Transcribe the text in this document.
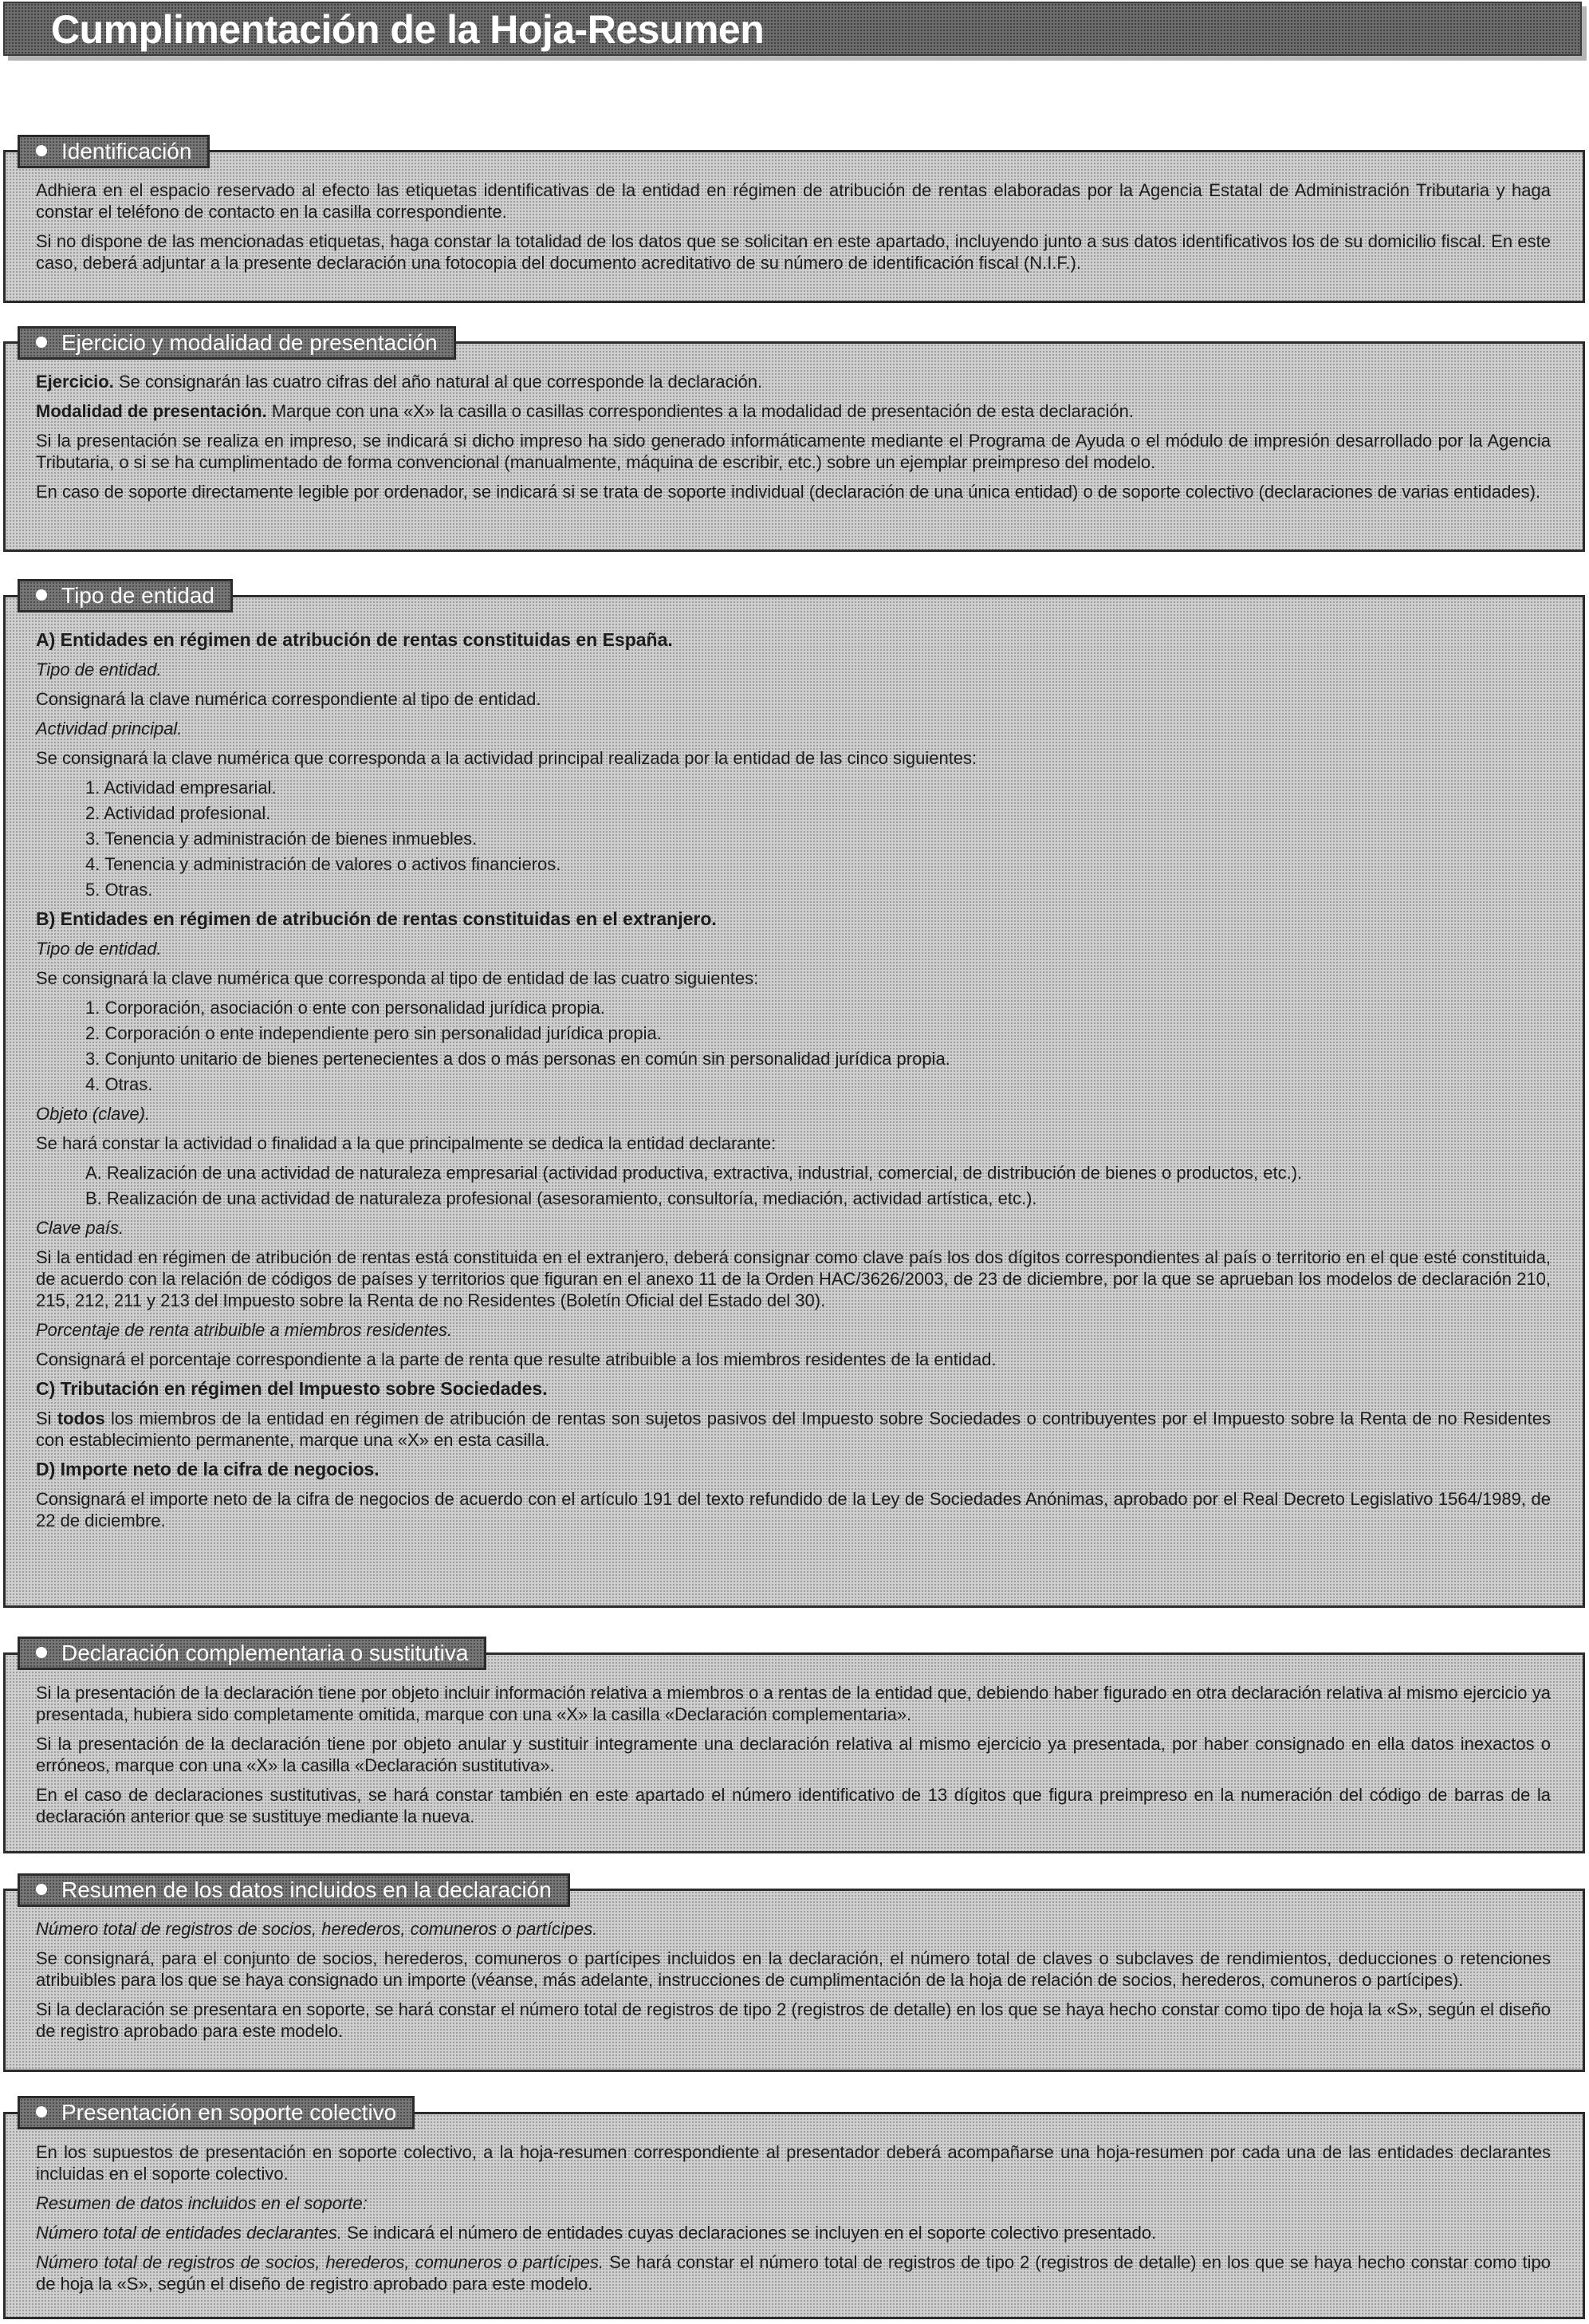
Cumplimentación de la Hoja-Resumen

Adhiera en el espacio reservado al efecto las etiquetas identificativas de la entidad en régimen de atribución de rentas elaboradas por la Agencia Estatal de Administración Tributaria y haga constar el teléfono de contacto en la casilla correspondiente.

Si no dispone de las mencionadas etiquetas, haga constar la totalidad de los datos que se solicitan en este apartado, incluyendo junto a sus datos identificativos los de su domicilio fiscal. En este caso, deberá adjuntar a la presente declaración una fotocopia del documento acreditativo de su número de identificación fiscal (N.I.F.).

Identificación

Ejercicio. Se consignarán las cuatro cifras del año natural al que corresponde la declaración.

Modalidad de presentación. Marque con una «X» la casilla o casillas correspondientes a la modalidad de presentación de esta declaración.

Si la presentación se realiza en impreso, se indicará si dicho impreso ha sido generado informáticamente mediante el Programa de Ayuda o el módulo de impresión desarrollado por la Agencia Tributaria, o si se ha cumplimentado de forma convencional (manualmente, máquina de escribir, etc.) sobre un ejemplar preimpreso del modelo.

En caso de soporte directamente legible por ordenador, se indicará si se trata de soporte individual (declaración de una única entidad) o de soporte colectivo (declaraciones de varias entidades).

Ejercicio y modalidad de presentación
A) Entidades en régimen de atribución de rentas constituidas en España.

Tipo de entidad.

Consignará la clave numérica correspondiente al tipo de entidad.

Actividad principal.

Se consignará la clave numérica que corresponda a la actividad principal realizada por la entidad de las cinco siguientes:

1. Actividad empresarial.
2. Actividad profesional.
3. Tenencia y administración de bienes inmuebles.
4. Tenencia y administración de valores o activos financieros.
5. Otras.
B) Entidades en régimen de atribución de rentas constituidas en el extranjero.

Tipo de entidad.

Se consignará la clave numérica que corresponda al tipo de entidad de las cuatro siguientes:

1. Corporación, asociación o ente con personalidad jurídica propia.
2. Corporación o ente independiente pero sin personalidad jurídica propia.
3. Conjunto unitario de bienes pertenecientes a dos o más personas en común sin personalidad jurídica propia.
4. Otras.

Objeto (clave).

Se hará constar la actividad o finalidad a la que principalmente se dedica la entidad declarante:

A. Realización de una actividad de naturaleza empresarial (actividad productiva, extractiva, industrial, comercial, de distribución de bienes o productos, etc.).
B. Realización de una actividad de naturaleza profesional (asesoramiento, consultoría, mediación, actividad artística, etc.).

Clave país.

Si la entidad en régimen de atribución de rentas está constituida en el extranjero, deberá consignar como clave país los dos dígitos correspondientes al país o territorio en el que esté constituida, de acuerdo con la relación de códigos de países y territorios que figuran en el anexo 11 de la Orden HAC/3626/2003, de 23 de diciembre, por la que se aprueban los modelos de declaración 210, 215, 212, 211 y 213 del Impuesto sobre la Renta de no Residentes (Boletín Oficial del Estado del 30).

Porcentaje de renta atribuible a miembros residentes.

Consignará el porcentaje correspondiente a la parte de renta que resulte atribuible a los miembros residentes de la entidad.

C) Tributación en régimen del Impuesto sobre Sociedades.

Si todos los miembros de la entidad en régimen de atribución de rentas son sujetos pasivos del Impuesto sobre Sociedades o contribuyentes por el Impuesto sobre la Renta de no Residentes con establecimiento permanente, marque una «X» en esta casilla.

D) Importe neto de la cifra de negocios.

Consignará el importe neto de la cifra de negocios de acuerdo con el artículo 191 del texto refundido de la Ley de Sociedades Anónimas, aprobado por el Real Decreto Legislativo 1564/1989, de 22 de diciembre.

Tipo de entidad

Si la presentación de la declaración tiene por objeto incluir información relativa a miembros o a rentas de la entidad que, debiendo haber figurado en otra declaración relativa al mismo ejercicio ya presentada, hubiera sido completamente omitida, marque con una «X» la casilla «Declaración complementaria».

Si la presentación de la declaración tiene por objeto anular y sustituir integramente una declaración relativa al mismo ejercicio ya presentada, por haber consignado en ella datos inexactos o erróneos, marque con una «X» la casilla «Declaración sustitutiva».

En el caso de declaraciones sustitutivas, se hará constar también en este apartado el número identificativo de 13 dígitos que figura preimpreso en la numeración del código de barras de la declaración anterior que se sustituye mediante la nueva.

Declaración complementaria o sustitutiva

Número total de registros de socios, herederos, comuneros o partícipes.

Se consignará, para el conjunto de socios, herederos, comuneros o partícipes incluidos en la declaración, el número total de claves o subclaves de rendimientos, deducciones o retenciones atribuibles para los que se haya consignado un importe (véanse, más adelante, instrucciones de cumplimentación de la hoja de relación de socios, herederos, comuneros o partícipes).

Si la declaración se presentara en soporte, se hará constar el número total de registros de tipo 2 (registros de detalle) en los que se haya hecho constar como tipo de hoja la «S», según el diseño de registro aprobado para este modelo.

Resumen de los datos incluidos en la declaración

En los supuestos de presentación en soporte colectivo, a la hoja-resumen correspondiente al presentador deberá acompañarse una hoja-resumen por cada una de las entidades declarantes incluidas en el soporte colectivo.

Resumen de datos incluidos en el soporte:

Número total de entidades declarantes. Se indicará el número de entidades cuyas declaraciones se incluyen en el soporte colectivo presentado.

Número total de registros de socios, herederos, comuneros o partícipes. Se hará constar el número total de registros de tipo 2 (registros de detalle) en los que se haya hecho constar como tipo de hoja la «S», según el diseño de registro aprobado para este modelo.

Presentación en soporte colectivo
